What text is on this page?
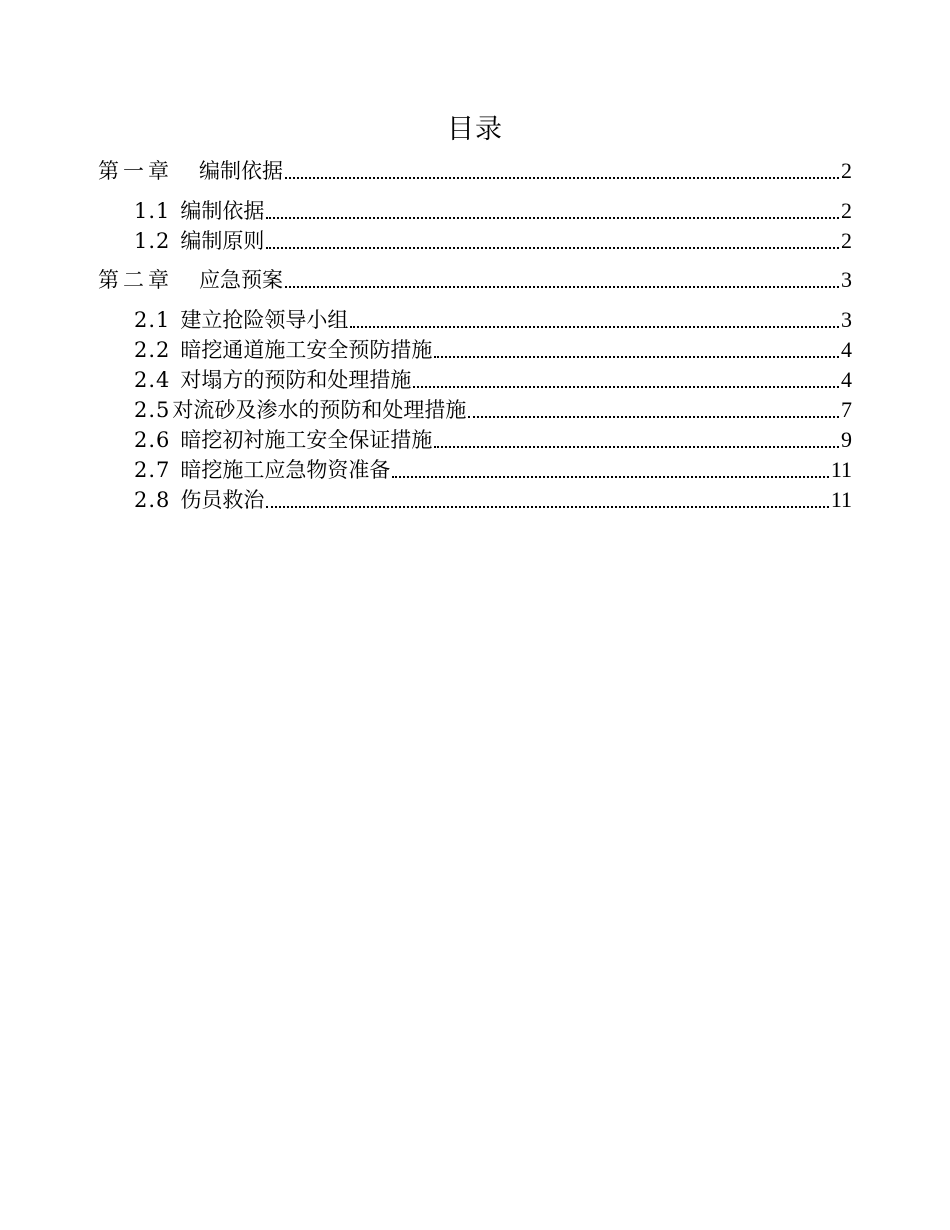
目录
第一章 编制依据	2
1.1 编制依据	2
1.2 编制原则	2
第二章 应急预案	3
2.1 建立抢险领导小组	3
2.2 暗挖通道施工安全预防措施	4
2.4 对塌方的预防和处理措施	4
2.5 对流砂及渗水的预防和处理措施	7
2.6 暗挖初衬施工安全保证措施	9
2.7 暗挖施工应急物资准备	11
2.8 伤员救治	11
